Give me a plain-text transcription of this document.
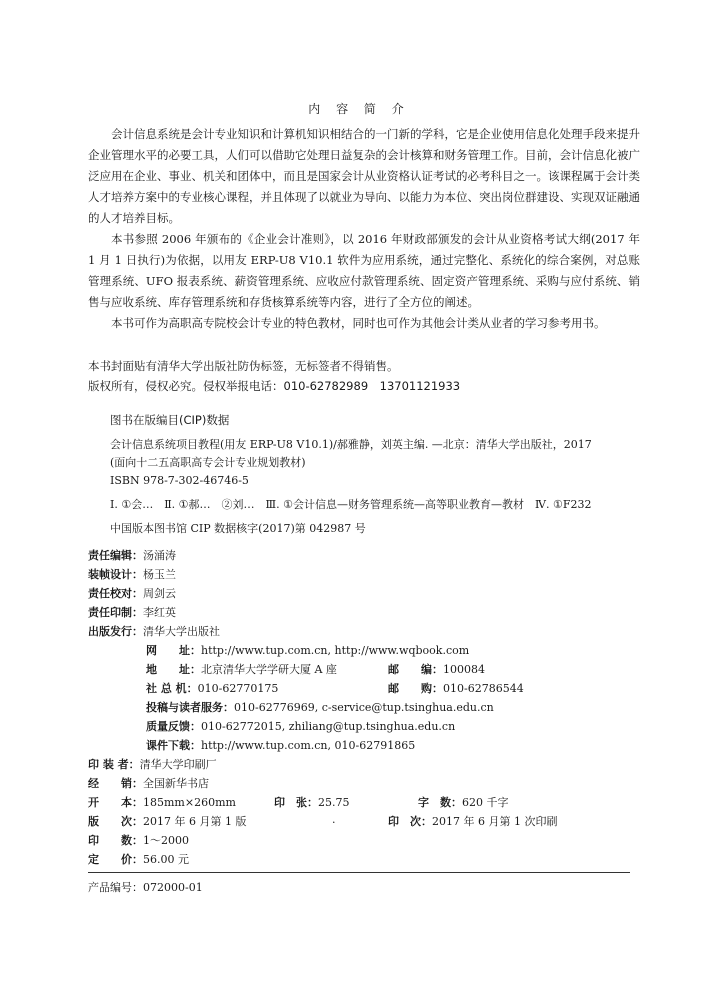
内 容 简 介

会计信息系统是会计专业知识和计算机知识相结合的一门新的学科，它是企业使用信息化处理手段来提升企业管理水平的必要工具，人们可以借助它处理日益复杂的会计核算和财务管理工作。目前，会计信息化被广泛应用在企业、事业、机关和团体中，而且是国家会计从业资格认证考试的必考科目之一。该课程属于会计类人才培养方案中的专业核心课程，并且体现了以就业为导向、以能力为本位、突出岗位群建设、实现双证融通的人才培养目标。

本书参照 2006 年颁布的《企业会计准则》，以 2016 年财政部颁发的会计从业资格考试大纲(2017 年 1 月 1 日执行)为依据，以用友 ERP-U8 V10.1 软件为应用系统，通过完整化、系统化的综合案例，对总账管理系统、UFO 报表系统、薪资管理系统、应收应付款管理系统、固定资产管理系统、采购与应付系统、销售与应收系统、库存管理系统和存货核算系统等内容，进行了全方位的阐述。

本书可作为高职高专院校会计专业的特色教材，同时也可作为其他会计类从业者的学习参考用书。

本书封面贴有清华大学出版社防伪标签，无标签者不得销售。
版权所有，侵权必究。侵权举报电话：010-62782989　13701121933
图书在版编目(CIP)数据
会计信息系统项目教程(用友 ERP-U8 V10.1)/郝雅静，刘英主编. —北京：清华大学出版社，2017
(面向十二五高职高专会计专业规划教材)
ISBN 978-7-302-46746-5
Ⅰ. ①会…　Ⅱ. ①郝…　②刘…　Ⅲ. ①会计信息—财务管理系统—高等职业教育—教材　Ⅳ. ①F232
中国版本图书馆 CIP 数据核字(2017)第 042987 号
责任编辑：汤涌涛
装帧设计：杨玉兰
责任校对：周剑云
责任印制：李红英
出版发行：清华大学出版社
网　　址：http://www.tup.com.cn, http://www.wqbook.com
地　　址：北京清华大学学研大厦 A 座	邮　　编：100084
社 总 机：010-62770175	邮　　购：010-62786544
投稿与读者服务：010-62776969, c-service@tup.tsinghua.edu.cn
质量反馈：010-62772015, zhiliang@tup.tsinghua.edu.cn
课件下载：http://www.tup.com.cn, 010-62791865
印 装 者：清华大学印刷厂
经　　销：全国新华书店
开　　本：185mm×260mm	印　张：25.75	字　数：620 千字
版　　次：2017 年 6 月第 1 版	.	印　次：2017 年 6 月第 1 次印刷
印　　数：1～2000
定　　价：56.00 元
产品编号：072000-01
